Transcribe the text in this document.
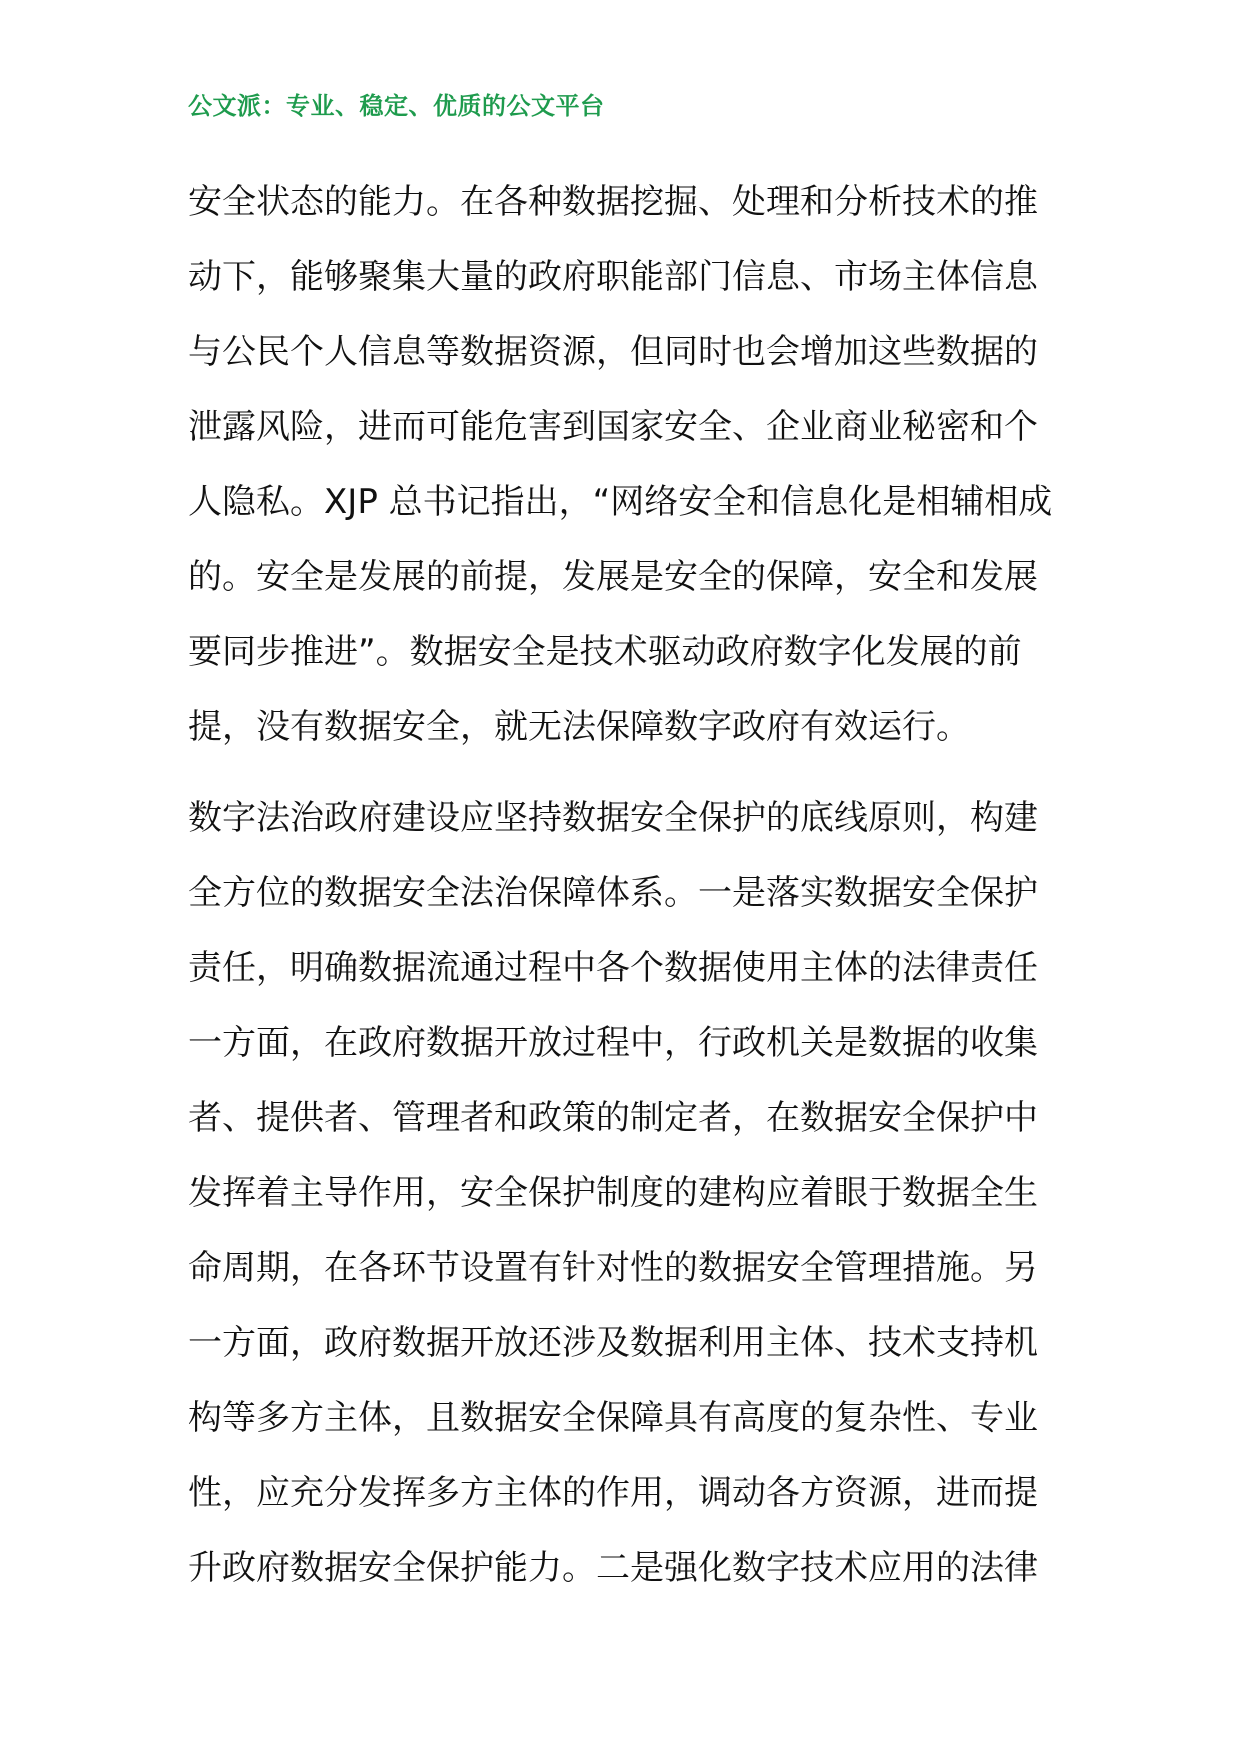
公文派：专业、稳定、优质的公文平台
安全状态的能力。在各种数据挖掘、处理和分析技术的推
动下，能够聚集大量的政府职能部门信息、市场主体信息
与公民个人信息等数据资源，但同时也会增加这些数据的
泄露风险，进而可能危害到国家安全、企业商业秘密和个
人隐私。XJP 总书记指出，“网络安全和信息化是相辅相成
的。安全是发展的前提，发展是安全的保障，安全和发展
要同步推进”。数据安全是技术驱动政府数字化发展的前
提，没有数据安全，就无法保障数字政府有效运行。
数字法治政府建设应坚持数据安全保护的底线原则，构建
全方位的数据安全法治保障体系。一是落实数据安全保护
责任，明确数据流通过程中各个数据使用主体的法律责任
一方面，在政府数据开放过程中，行政机关是数据的收集
者、提供者、管理者和政策的制定者，在数据安全保护中
发挥着主导作用，安全保护制度的建构应着眼于数据全生
命周期，在各环节设置有针对性的数据安全管理措施。另
一方面，政府数据开放还涉及数据利用主体、技术支持机
构等多方主体，且数据安全保障具有高度的复杂性、专业
性，应充分发挥多方主体的作用，调动各方资源，进而提
升政府数据安全保护能力。二是强化数字技术应用的法律
